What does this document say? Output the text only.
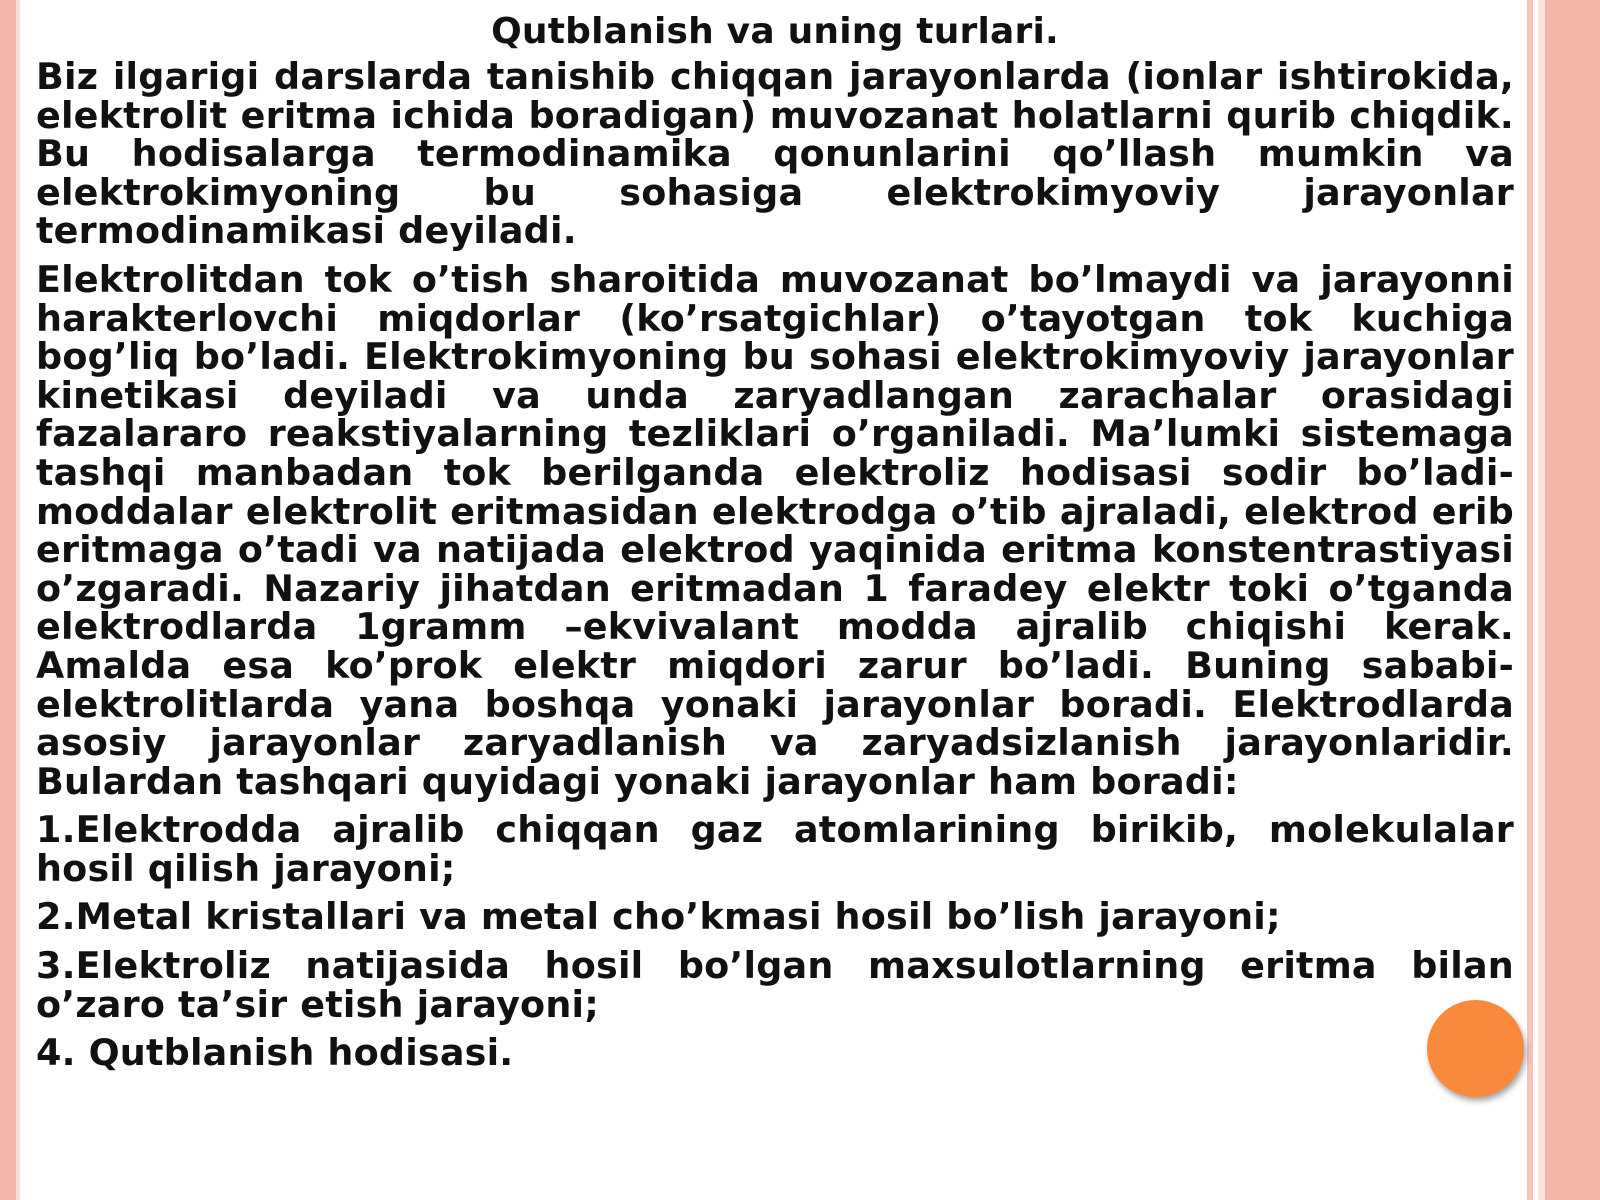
Qutblanish va uning turlari.

Biz ilgarigi darslarda tanishib chiqqan jarayonlarda (ionlar ishtirokida, elektrolit eritma ichida boradigan) muvozanat holatlarni qurib chiqdik. Bu hodisalarga termodinamika qonunlarini qo’llash mumkin va elektrokimyoning bu sohasiga elektrokimyoviy jarayonlar termodinamikasi deyiladi.

Elektrolitdan tok o’tish sharoitida muvozanat bo’lmaydi va jarayonni harakterlovchi miqdorlar (ko’rsatgichlar) o’tayotgan tok kuchiga bog’liq bo’ladi. Elektrokimyoning bu sohasi elektrokimyoviy jarayonlar kinetikasi deyiladi va unda zaryadlangan zarachalar orasidagi fazalararo reakstiyalarning tezliklari o’rganiladi. Ma’lumki sistemaga tashqi manbadan tok berilganda elektroliz hodisasi sodir bo’ladi-moddalar elektrolit eritmasidan elektrodga o’tib ajraladi, elektrod erib eritmaga o’tadi va natijada elektrod yaqinida eritma konstentrastiyasi o’zgaradi. Nazariy jihatdan eritmadan 1 faradey elektr toki o’tganda elektrodlarda 1gramm –ekvivalant modda ajralib chiqishi kerak. Amalda esa ko’prok elektr miqdori zarur bo’ladi. Buning sababi-elektrolitlarda yana boshqa yonaki jarayonlar boradi. Elektrodlarda asosiy jarayonlar zaryadlanish va zaryadsizlanish jarayonlaridir. Bulardan tashqari quyidagi yonaki jarayonlar ham boradi:

1.Elektrodda ajralib chiqqan gaz atomlarining birikib, molekulalar hosil qilish jarayoni;

2.Metal kristallari va metal cho’kmasi hosil bo’lish jarayoni;

3.Elektroliz natijasida hosil bo’lgan maxsulotlarning eritma bilan o’zaro ta’sir etish jarayoni;

4. Qutblanish hodisasi.
